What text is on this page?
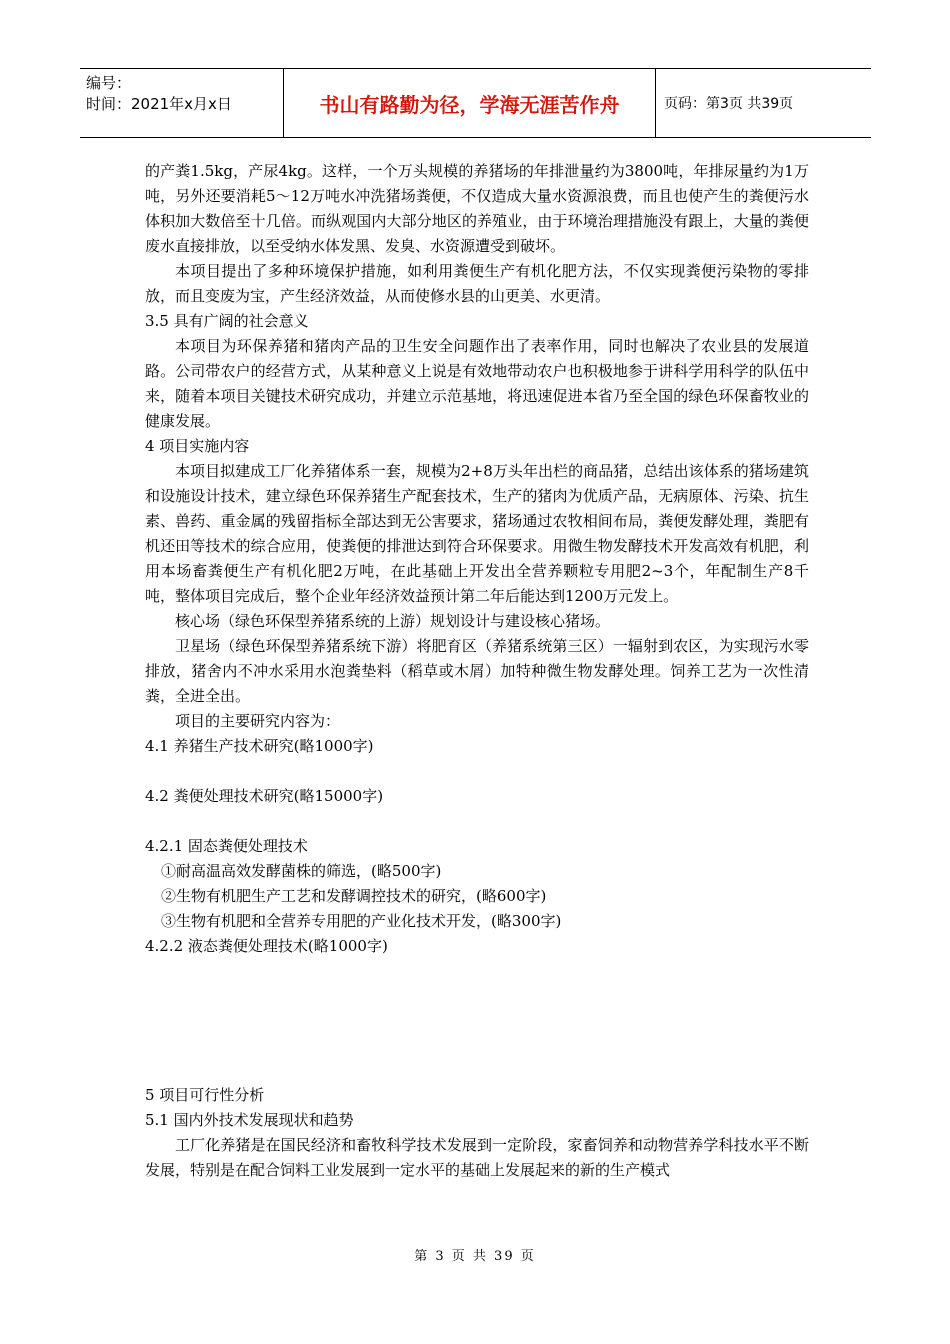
编号：
时间：2021年x月x日	书山有路勤为径，学海无涯苦作舟	页码：第3页 共39页

的产粪1.5kg，产尿4kg。这样，一个万头规模的养猪场的年排泄量约为3800吨，年排尿量约为1万吨，另外还要消耗5～12万吨水冲洗猪场粪便，不仅造成大量水资源浪费，而且也使产生的粪便污水体积加大数倍至十几倍。而纵观国内大部分地区的养殖业，由于环境治理措施没有跟上，大量的粪便废水直接排放，以至受纳水体发黑、发臭、水资源遭受到破坏。

本项目提出了多种环境保护措施，如利用粪便生产有机化肥方法，不仅实现粪便污染物的零排放，而且变废为宝，产生经济效益，从而使修水县的山更美、水更清。

3.5 具有广阔的社会意义

本项目为环保养猪和猪肉产品的卫生安全问题作出了表率作用，同时也解决了农业县的发展道路。公司带农户的经营方式，从某种意义上说是有效地带动农户也积极地参于讲科学用科学的队伍中来，随着本项目关键技术研究成功，并建立示范基地，将迅速促进本省乃至全国的绿色环保畜牧业的健康发展。

4 项目实施内容

本项目拟建成工厂化养猪体系一套，规模为2+8万头年出栏的商品猪，总结出该体系的猪场建筑和设施设计技术，建立绿色环保养猪生产配套技术，生产的猪肉为优质产品，无病原体、污染、抗生素、兽药、重金属的残留指标全部达到无公害要求，猪场通过农牧相间布局，粪便发酵处理，粪肥有机还田等技术的综合应用，使粪便的排泄达到符合环保要求。用微生物发酵技术开发高效有机肥，利用本场畜粪便生产有机化肥2万吨，在此基础上开发出全营养颗粒专用肥2~3个，年配制生产8千吨，整体项目完成后，整个企业年经济效益预计第二年后能达到1200万元发上。

核心场（绿色环保型养猪系统的上游）规划设计与建设核心猪场。

卫星场（绿色环保型养猪系统下游）将肥育区（养猪系统第三区）一辐射到农区，为实现污水零排放，猪舍内不冲水采用水泡粪垫料（稻草或木屑）加特种微生物发酵处理。饲养工艺为一次性清粪，全进全出。

项目的主要研究内容为：

4.1 养猪生产技术研究(略1000字)

4.2 粪便处理技术研究(略15000字)

4.2.1 固态粪便处理技术

①耐高温高效发酵菌株的筛选，(略500字)

②生物有机肥生产工艺和发酵调控技术的研究，(略600字)

③生物有机肥和全营养专用肥的产业化技术开发，(略300字)

4.2.2 液态粪便处理技术(略1000字)

5 项目可行性分析

5.1 国内外技术发展现状和趋势

工厂化养猪是在国民经济和畜牧科学技术发展到一定阶段，家畜饲养和动物营养学科技水平不断发展，特别是在配合饲料工业发展到一定水平的基础上发展起来的新的生产模式

第 3 页 共 39 页
